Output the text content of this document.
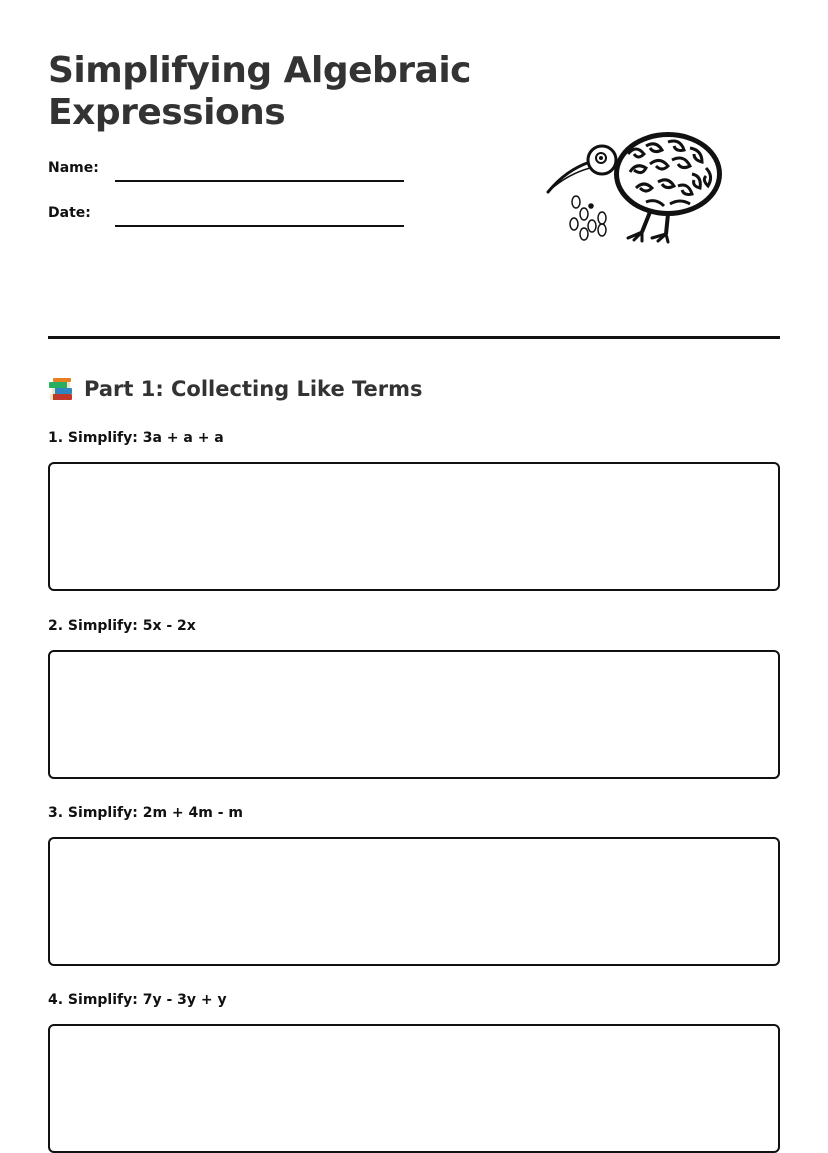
Simplifying Algebraic Expressions
Name:
Date:
Part 1: Collecting Like Terms
1. Simplify: 3a + a + a
2. Simplify: 5x - 2x
3. Simplify: 2m + 4m - m
4. Simplify: 7y - 3y + y
